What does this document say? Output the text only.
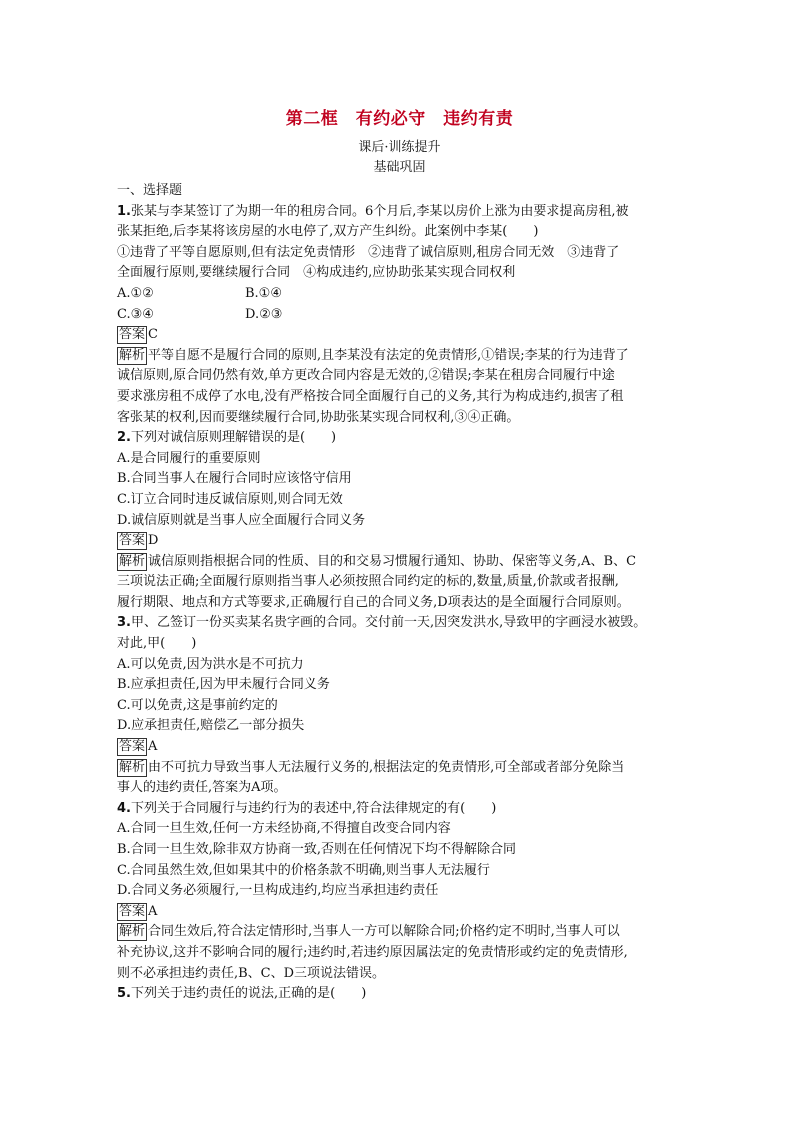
第二框　有约必守　违约有责
课后·训练提升
基础巩固
一、选择题
1.张某与李某签订了为期一年的租房合同。6个月后,李某以房价上涨为由要求提高房租,被
张某拒绝,后李某将该房屋的水电停了,双方产生纠纷。此案例中李某(　　)
①违背了平等自愿原则,但有法定免责情形　②违背了诚信原则,租房合同无效　③违背了
全面履行原则,要继续履行合同　④构成违约,应协助张某实现合同权利
A.①②	B.①④
C.③④	D.②③
答案 C
解析 平等自愿不是履行合同的原则,且李某没有法定的免责情形,①错误;李某的行为违背了
诚信原则,原合同仍然有效,单方更改合同内容是无效的,②错误;李某在租房合同履行中途
要求涨房租不成停了水电,没有严格按合同全面履行自己的义务,其行为构成违约,损害了租
客张某的权利,因而要继续履行合同,协助张某实现合同权利,③④正确。
2.下列对诚信原则理解错误的是(　　)
A.是合同履行的重要原则
B.合同当事人在履行合同时应该恪守信用
C.订立合同时违反诚信原则,则合同无效
D.诚信原则就是当事人应全面履行合同义务
答案 D
解析 诚信原则指根据合同的性质、目的和交易习惯履行通知、协助、保密等义务,A、B、C
三项说法正确;全面履行原则指当事人必须按照合同约定的标的,数量,质量,价款或者报酬,
履行期限、地点和方式等要求,正确履行自己的合同义务,D项表达的是全面履行合同原则。
3.甲、乙签订一份买卖某名贵字画的合同。交付前一天,因突发洪水,导致甲的字画浸水被毁。
对此,甲(　　)
A.可以免责,因为洪水是不可抗力
B.应承担责任,因为甲未履行合同义务
C.可以免责,这是事前约定的
D.应承担责任,赔偿乙一部分损失
答案 A
解析 由不可抗力导致当事人无法履行义务的,根据法定的免责情形,可全部或者部分免除当
事人的违约责任,答案为A项。
4.下列关于合同履行与违约行为的表述中,符合法律规定的有(　　)
A.合同一旦生效,任何一方未经协商,不得擅自改变合同内容
B.合同一旦生效,除非双方协商一致,否则在任何情况下均不得解除合同
C.合同虽然生效,但如果其中的价格条款不明确,则当事人无法履行
D.合同义务必须履行,一旦构成违约,均应当承担违约责任
答案 A
解析 合同生效后,符合法定情形时,当事人一方可以解除合同;价格约定不明时,当事人可以
补充协议,这并不影响合同的履行;违约时,若违约原因属法定的免责情形或约定的免责情形,
则不必承担违约责任,B、C、D三项说法错误。
5.下列关于违约责任的说法,正确的是(　　)
